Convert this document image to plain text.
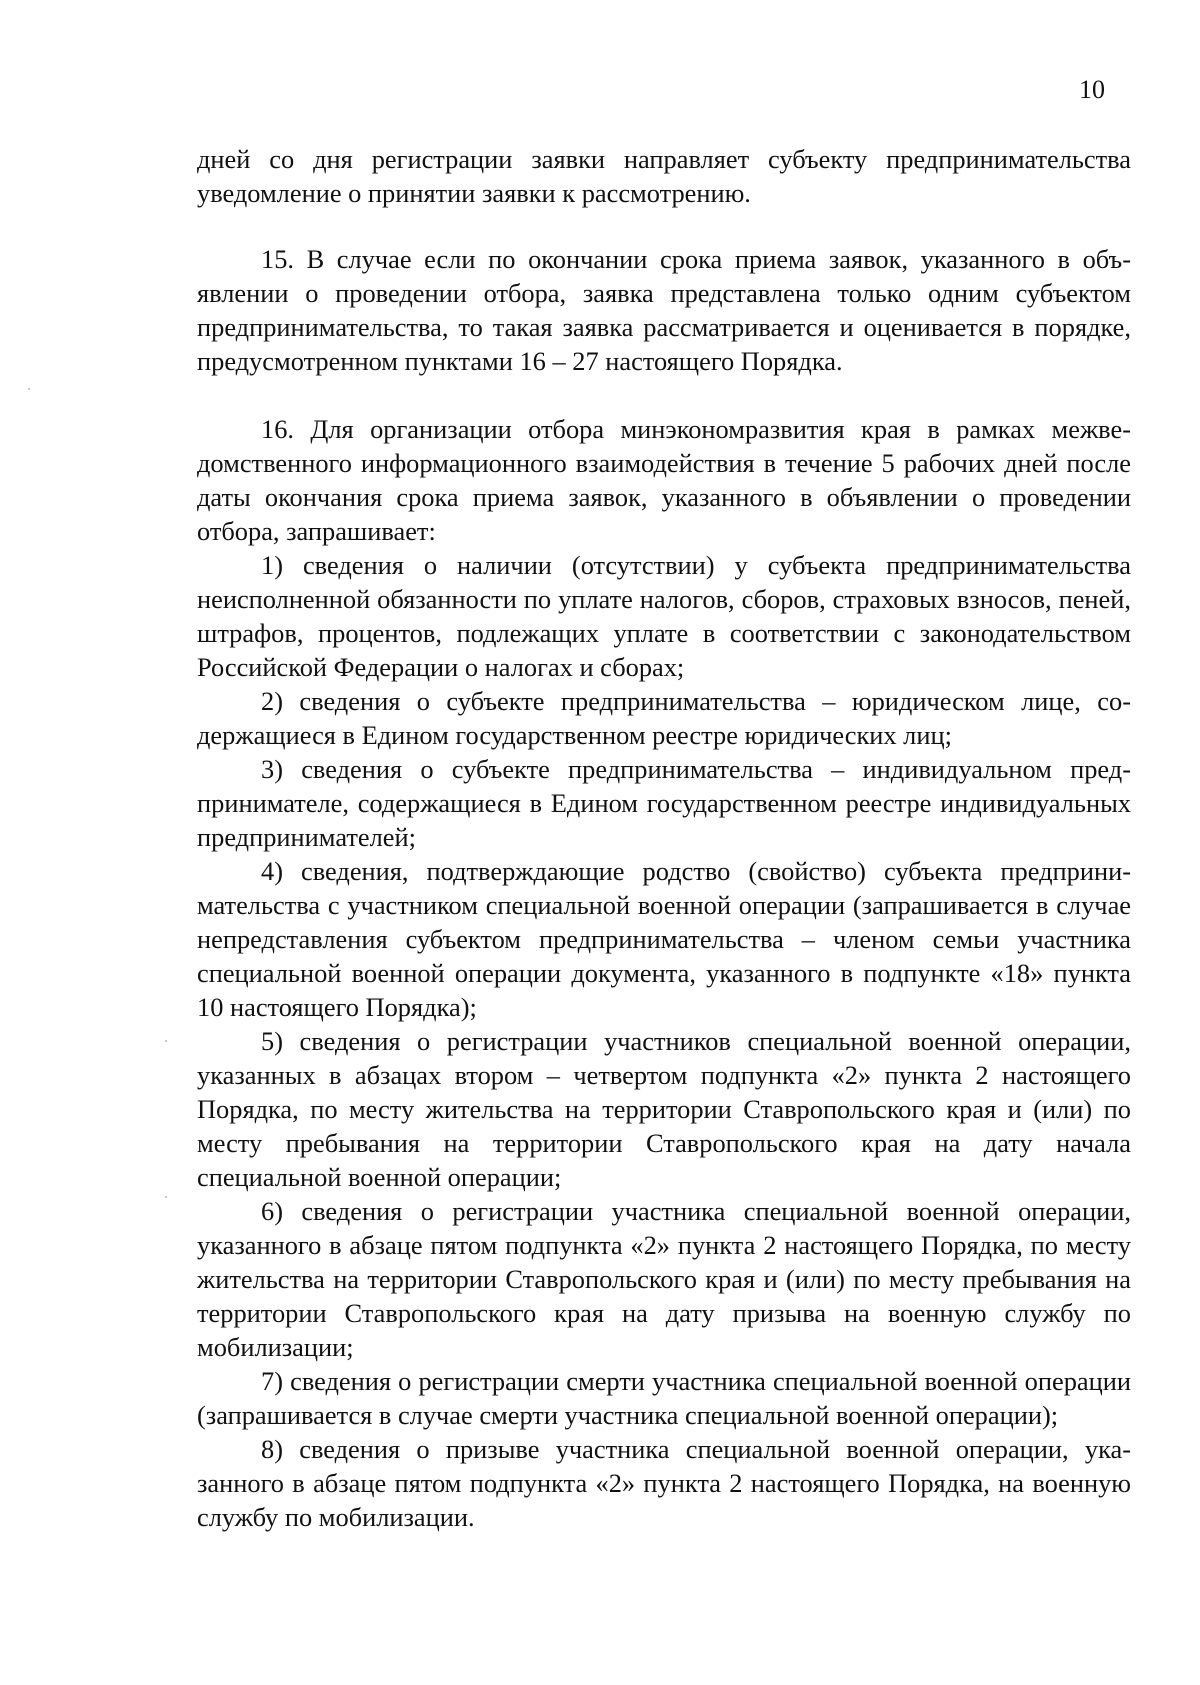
10

дней со дня регистрации заявки направляет субъекту предпринимательства уведомление о принятии заявки к рассмотрению.

15. В случае если по окончании срока приема заявок, указанного в объявлении о проведении отбора, заявка представлена только одним субъектом предпринимательства, то такая заявка рассматривается и оценивается в порядке, предусмотренном пунктами 16 – 27 настоящего Порядка.

16. Для организации отбора минэкономразвития края в рамках межведомственного информационного взаимодействия в течение 5 рабочих дней после даты окончания срока приема заявок, указанного в объявлении о проведении отбора, запрашивает:

1) сведения о наличии (отсутствии) у субъекта предпринимательства неисполненной обязанности по уплате налогов, сборов, страховых взносов, пеней, штрафов, процентов, подлежащих уплате в соответствии с законодательством Российской Федерации о налогах и сборах;

2) сведения о субъекте предпринимательства – юридическом лице, содержащиеся в Едином государственном реестре юридических лиц;

3) сведения о субъекте предпринимательства – индивидуальном предпринимателе, содержащиеся в Едином государственном реестре индивидуальных предпринимателей;

4) сведения, подтверждающие родство (свойство) субъекта предпринимательства с участником специальной военной операции (запрашивается в случае непредставления субъектом предпринимательства – членом семьи участника специальной военной операции документа, указанного в подпункте «18» пункта 10 настоящего Порядка);

5) сведения о регистрации участников специальной военной операции, указанных в абзацах втором – четвертом подпункта «2» пункта 2 настоящего Порядка, по месту жительства на территории Ставропольского края и (или) по месту пребывания на территории Ставропольского края на дату начала специальной военной операции;

6) сведения о регистрации участника специальной военной операции, указанного в абзаце пятом подпункта «2» пункта 2 настоящего Порядка, по месту жительства на территории Ставропольского края и (или) по месту пребывания на территории Ставропольского края на дату призыва на военную службу по мобилизации;

7) сведения о регистрации смерти участника специальной военной операции (запрашивается в случае смерти участника специальной военной операции);

8) сведения о призыве участника специальной военной операции, указанного в абзаце пятом подпункта «2» пункта 2 настоящего Порядка, на военную службу по мобилизации.
